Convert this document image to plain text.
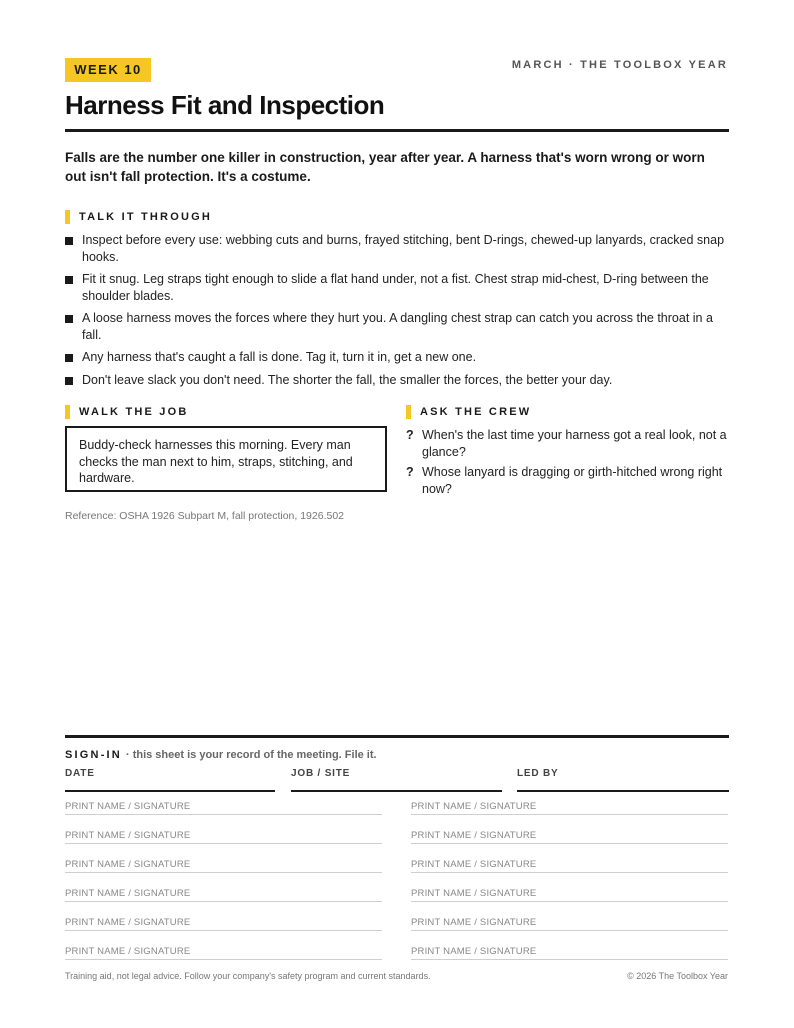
WEEK 10	MARCH · THE TOOLBOX YEAR
Harness Fit and Inspection

Falls are the number one killer in construction, year after year. A harness that's worn wrong or worn out isn't fall protection. It's a costume.

TALK IT THROUGH
Inspect before every use: webbing cuts and burns, frayed stitching, bent D-rings, chewed-up lanyards, cracked snap hooks.
Fit it snug. Leg straps tight enough to slide a flat hand under, not a fist. Chest strap mid-chest, D-ring between the shoulder blades.
A loose harness moves the forces where they hurt you. A dangling chest strap can catch you across the throat in a fall.
Any harness that's caught a fall is done. Tag it, turn it in, get a new one.
Don't leave slack you don't need. The shorter the fall, the smaller the forces, the better your day.
WALK THE JOB
Buddy-check harnesses this morning. Every man checks the man next to him, straps, stitching, and hardware.
Reference: OSHA 1926 Subpart M, fall protection, 1926.502
ASK THE CREW
? When's the last time your harness got a real look, not a glance?
? Whose lanyard is dragging or girth-hitched wrong right now?
SIGN-IN · this sheet is your record of the meeting. File it.
DATE	JOB / SITE	LED BY
PRINT NAME / SIGNATURE	PRINT NAME / SIGNATURE
PRINT NAME / SIGNATURE	PRINT NAME / SIGNATURE
PRINT NAME / SIGNATURE	PRINT NAME / SIGNATURE
PRINT NAME / SIGNATURE	PRINT NAME / SIGNATURE
PRINT NAME / SIGNATURE	PRINT NAME / SIGNATURE
PRINT NAME / SIGNATURE	PRINT NAME / SIGNATURE
Training aid, not legal advice. Follow your company's safety program and current standards.	© 2026 The Toolbox Year
